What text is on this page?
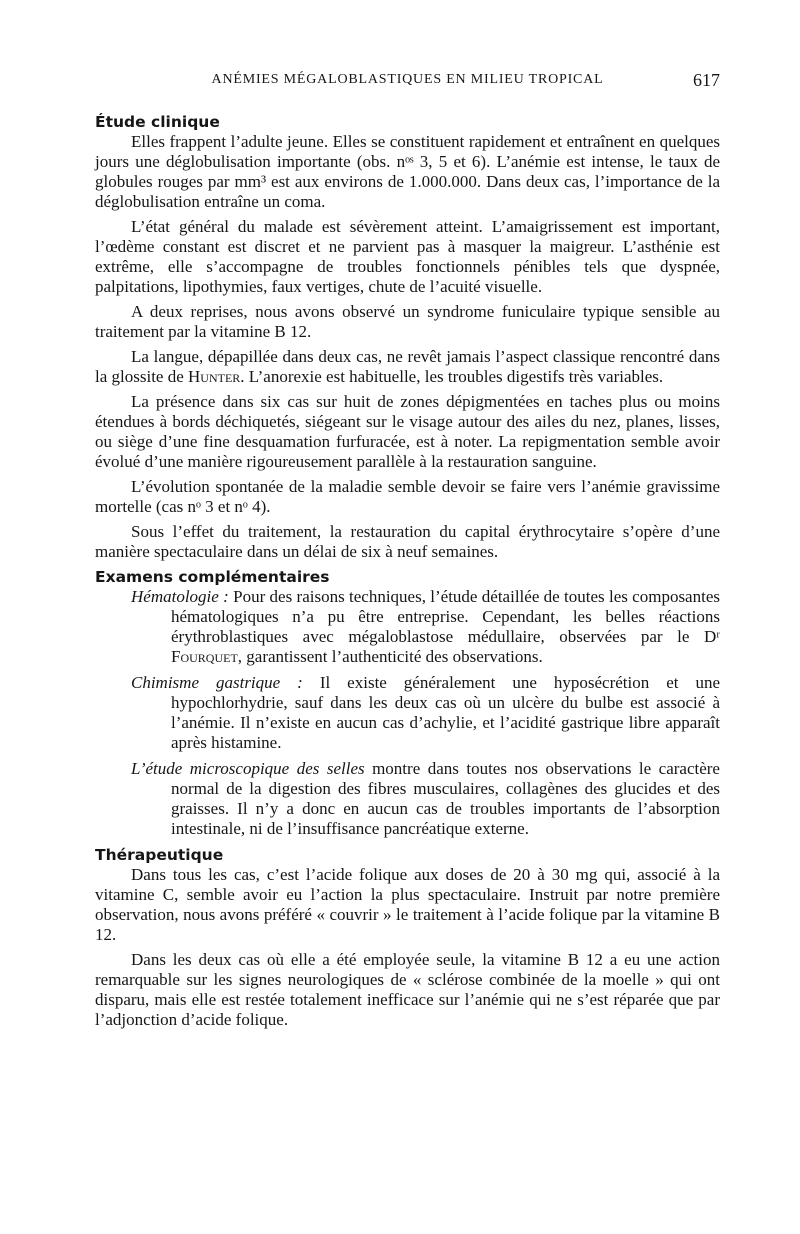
ANÉMIES MÉGALOBLASTIQUES EN MILIEU TROPICAL	617
Étude clinique

Elles frappent l’adulte jeune. Elles se constituent rapidement et entraînent en quelques jours une déglobulisation importante (obs. nᵒˢ 3, 5 et 6). L’anémie est intense, le taux de globules rouges par mm³ est aux environs de 1.000.000. Dans deux cas, l’importance de la déglobulisation entraîne un coma.

L’état général du malade est sévèrement atteint. L’amaigrissement est important, l’œdème constant est discret et ne parvient pas à masquer la maigreur. L’asthénie est extrême, elle s’accompagne de troubles fonctionnels pénibles tels que dyspnée, palpitations, lipothymies, faux vertiges, chute de l’acuité visuelle.

A deux reprises, nous avons observé un syndrome funiculaire typique sensible au traitement par la vitamine B 12.

La langue, dépapillée dans deux cas, ne revêt jamais l’aspect classique rencontré dans la glossite de Hunter. L’anorexie est habituelle, les troubles digestifs très variables.

La présence dans six cas sur huit de zones dépigmentées en taches plus ou moins étendues à bords déchiquetés, siégeant sur le visage autour des ailes du nez, planes, lisses, ou siège d’une fine desquamation furfuracée, est à noter. La repigmentation semble avoir évolué d’une manière rigoureusement parallèle à la restauration sanguine.

L’évolution spontanée de la maladie semble devoir se faire vers l’anémie gravissime mortelle (cas nᵒ 3 et nᵒ 4).

Sous l’effet du traitement, la restauration du capital érythrocytaire s’opère d’une manière spectaculaire dans un délai de six à neuf semaines.

Examens complémentaires

Hématologie : Pour des raisons techniques, l’étude détaillée de toutes les composantes hématologiques n’a pu être entreprise. Cependant, les belles réactions érythroblastiques avec mégaloblastose médullaire, observées par le Dʳ Fourquet, garantissent l’authenticité des observations.

Chimisme gastrique : Il existe généralement une hyposécrétion et une hypochlorhydrie, sauf dans les deux cas où un ulcère du bulbe est associé à l’anémie. Il n’existe en aucun cas d’achylie, et l’acidité gastrique libre apparaît après histamine.

L’étude microscopique des selles montre dans toutes nos observations le caractère normal de la digestion des fibres musculaires, collagènes des glucides et des graisses. Il n’y a donc en aucun cas de troubles importants de l’absorption intestinale, ni de l’insuffisance pancréatique externe.

Thérapeutique

Dans tous les cas, c’est l’acide folique aux doses de 20 à 30 mg qui, associé à la vitamine C, semble avoir eu l’action la plus spectaculaire. Instruit par notre première observation, nous avons préféré « couvrir » le traitement à l’acide folique par la vitamine B 12.

Dans les deux cas où elle a été employée seule, la vitamine B 12 a eu une action remarquable sur les signes neurologiques de « sclérose combinée de la moelle » qui ont disparu, mais elle est restée totalement inefficace sur l’anémie qui ne s’est réparée que par l’adjonction d’acide folique.
